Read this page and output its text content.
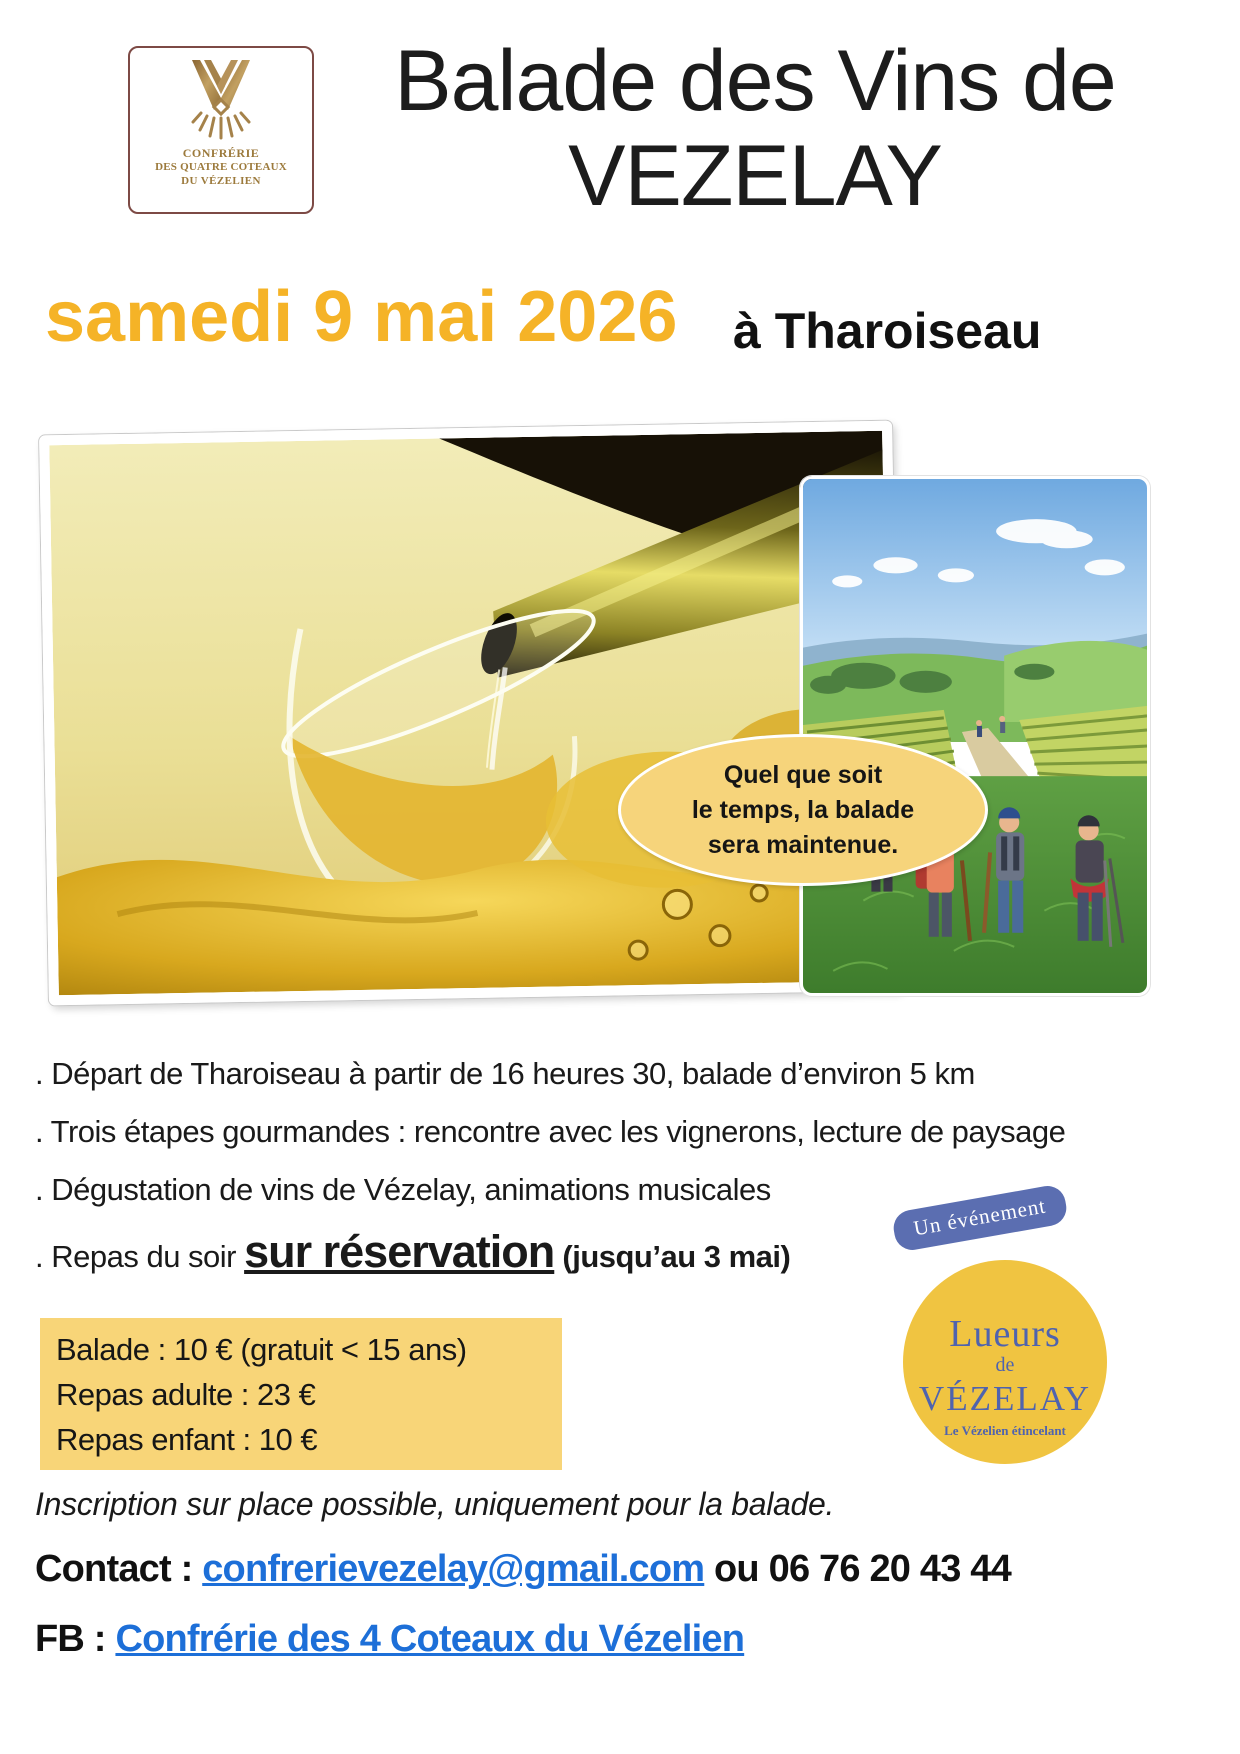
CONFRÉRIE
DES QUATRE COTEAUX
DU VÉZELIEN
Balade des Vins de
VEZELAY
samedi 9 mai 2026 à Tharoiseau
Quel que soit
le temps, la balade
sera maintenue.
. Départ de Tharoiseau à partir de 16 heures 30, balade d’environ 5 km
. Trois étapes gourmandes : rencontre avec les vignerons, lecture de paysage
. Dégustation de vins de Vézelay, animations musicales
. Repas du soir sur réservation (jusqu’au 3 mai)
Balade : 10 € (gratuit < 15 ans)
Repas adulte : 23 €
Repas enfant : 10 €
Lueurs
de
VÉZELAY
Le Vézelien étincelant
Un événement
Inscription sur place possible, uniquement pour la balade.
Contact : confrerievezelay@gmail.com ou 06 76 20 43 44
FB : Confrérie des 4 Coteaux du Vézelien
